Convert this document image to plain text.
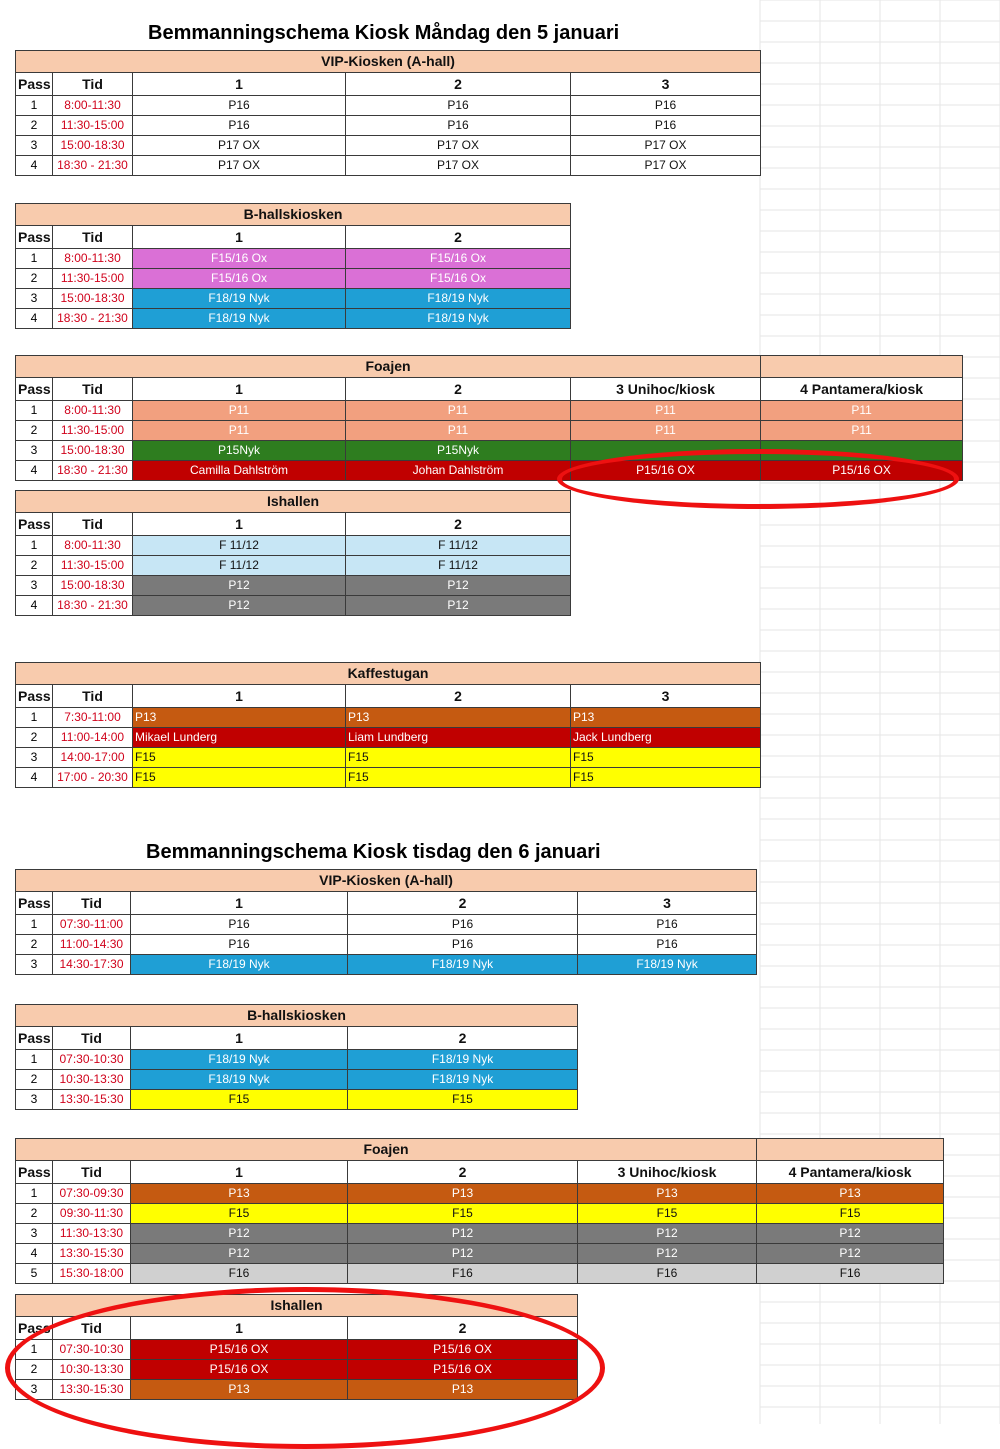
Bemmanningschema Kiosk Måndag den 5 januari
VIP-Kiosken (A-hall)				
Pass	Tid	1	2	3
1	8:00-11:30	P16	P16	P16
2	11:30-15:00	P16	P16	P16
3	15:00-18:30	P17 OX	P17 OX	P17 OX
4	18:30 - 21:30	P17 OX	P17 OX	P17 OX
B-hallskiosken			
Pass	Tid	1	2
1	8:00-11:30	F15/16 Ox	F15/16 Ox
2	11:30-15:00	F15/16 Ox	F15/16 Ox
3	15:00-18:30	F18/19 Nyk	F18/19 Nyk
4	18:30 - 21:30	F18/19 Nyk	F18/19 Nyk
Foajen					
Pass	Tid	1	2	3 Unihoc/kiosk	4 Pantamera/kiosk
1	8:00-11:30	P11	P11	P11	P11
2	11:30-15:00	P11	P11	P11	P11
3	15:00-18:30	P15Nyk	P15Nyk		
4	18:30 - 21:30	Camilla Dahlström	Johan Dahlström	P15/16 OX	P15/16 OX
Ishallen			
Pass	Tid	1	2
1	8:00-11:30	F 11/12	F 11/12
2	11:30-15:00	F 11/12	F 11/12
3	15:00-18:30	P12	P12
4	18:30 - 21:30	P12	P12
Kaffestugan				
Pass	Tid	1	2	3
1	7:30-11:00	P13	P13	P13
2	11:00-14:00	Mikael Lunderg	Liam Lundberg	Jack Lundberg
3	14:00-17:00	F15	F15	F15
4	17:00 - 20:30	F15	F15	F15
Bemmanningschema Kiosk tisdag den 6 januari
VIP-Kiosken (A-hall)				
Pass	Tid	1	2	3
1	07:30-11:00	P16	P16	P16
2	11:00-14:30	P16	P16	P16
3	14:30-17:30	F18/19 Nyk	F18/19 Nyk	F18/19 Nyk
B-hallskiosken			
Pass	Tid	1	2
1	07:30-10:30	F18/19 Nyk	F18/19 Nyk
2	10:30-13:30	F18/19 Nyk	F18/19 Nyk
3	13:30-15:30	F15	F15
Foajen					
Pass	Tid	1	2	3 Unihoc/kiosk	4 Pantamera/kiosk
1	07:30-09:30	P13	P13	P13	P13
2	09:30-11:30	F15	F15	F15	F15
3	11:30-13:30	P12	P12	P12	P12
4	13:30-15:30	P12	P12	P12	P12
5	15:30-18:00	F16	F16	F16	F16
Ishallen			
Pass	Tid	1	2
1	07:30-10:30	P15/16 OX	P15/16 OX
2	10:30-13:30	P15/16 OX	P15/16 OX
3	13:30-15:30	P13	P13
